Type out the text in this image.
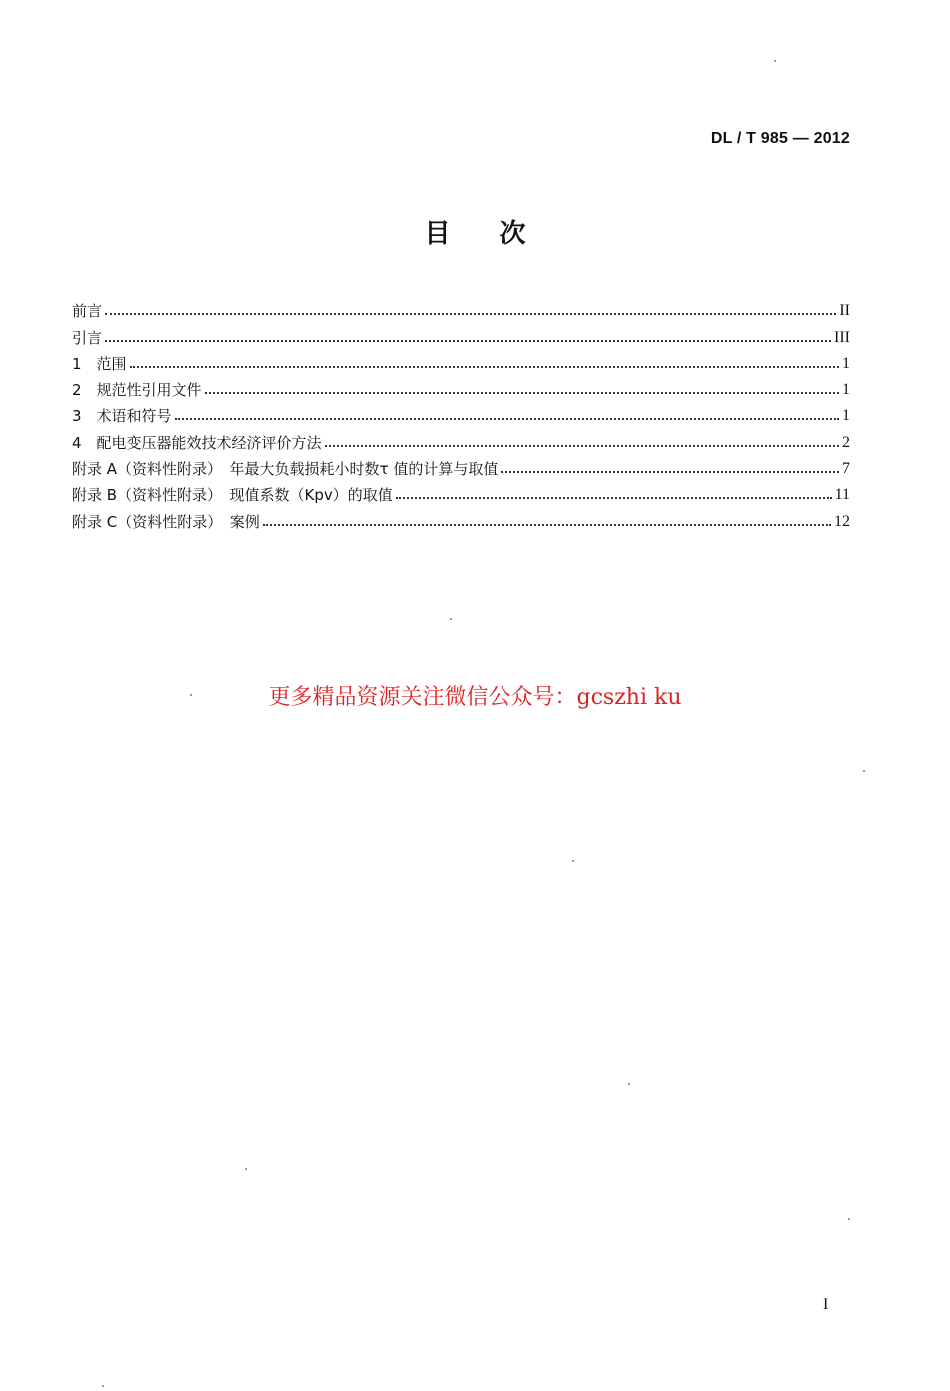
DL / T 985 — 2012
目 次
前言	II
引言	III
1　范围	1
2　规范性引用文件	1
3　术语和符号	1
4　配电变压器能效技术经济评价方法	2
附录 A（资料性附录）　年最大负载损耗小时数τ 值的计算与取值	7
附录 B（资料性附录）　现值系数（Kpv）的取值	11
附录 C（资料性附录）　案例	12
更多精品资源关注微信公众号：gcszhi ku
I
